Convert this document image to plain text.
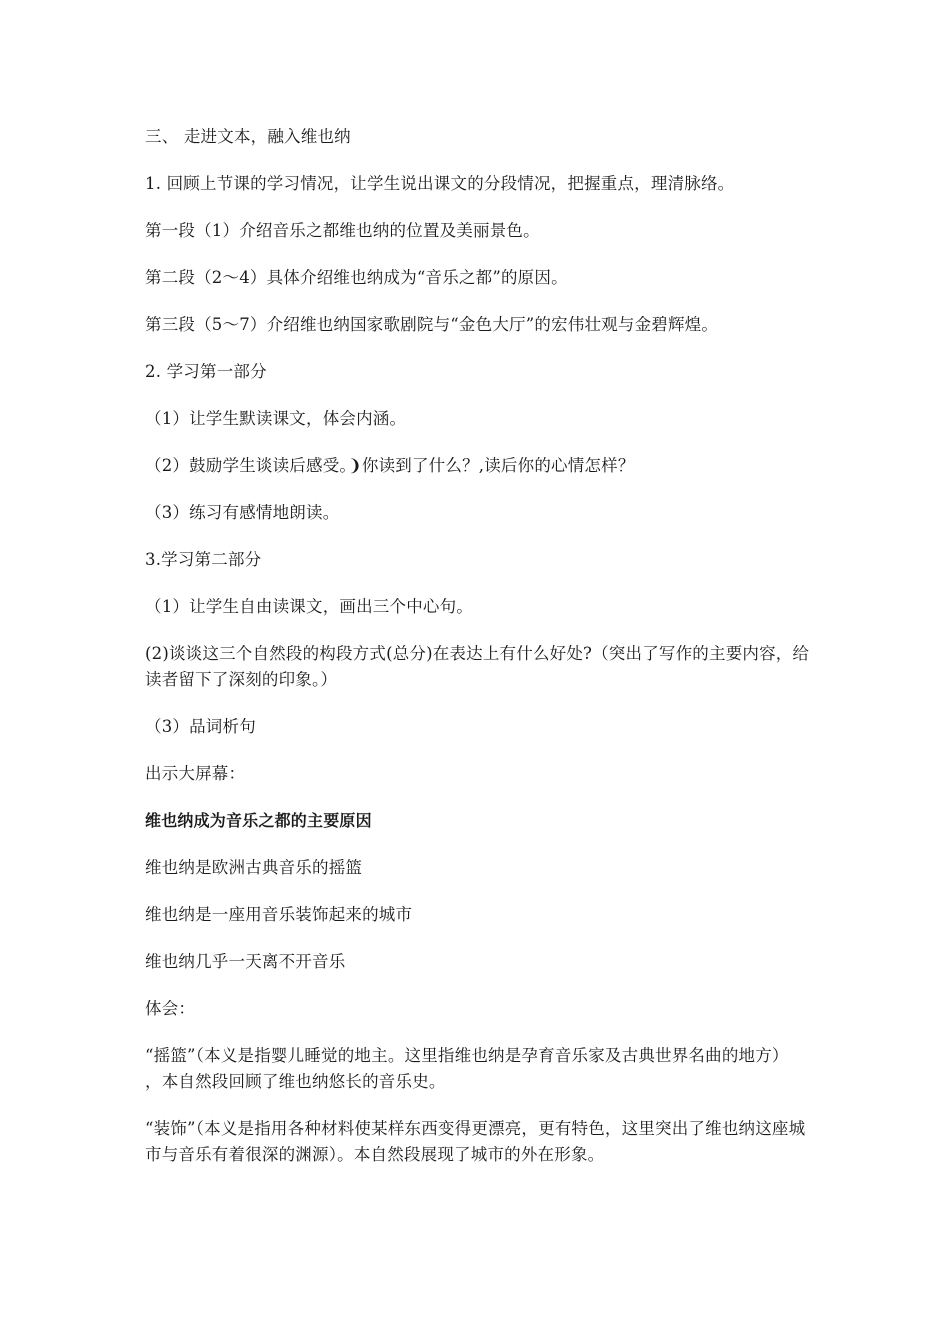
三、 走进文本，融入维也纳

1. 回顾上节课的学习情况，让学生说出课文的分段情况，把握重点，理清脉络。

第一段（1）介绍音乐之都维也纳的位置及美丽景色。

第二段（2～4）具体介绍维也纳成为“音乐之都”的原因。

第三段（5～7）介绍维也纳国家歌剧院与“金色大厅”的宏伟壮观与金碧辉煌。

2. 学习第一部分

（1）让学生默读课文，体会内涵。

（2）鼓励学生谈读后感受。❩你读到了什么？,读后你的心情怎样？

（3）练习有感情地朗读。

3.学习第二部分

（1）让学生自由读课文，画出三个中心句。

(2)谈谈这三个自然段的构段方式(总分)在表达上有什么好处?（突出了写作的主要内容，给读者留下了深刻的印象。）

（3）品词析句

出示大屏幕：

维也纳成为音乐之都的主要原因

维也纳是欧洲古典音乐的摇篮

维也纳是一座用音乐装饰起来的城市

维也纳几乎一天离不开音乐

体会：

“摇篮”（本义是指婴儿睡觉的地主。这里指维也纳是孕育音乐家及古典世界名曲的地方） ，本自然段回顾了维也纳悠长的音乐史。

“装饰”（本义是指用各种材料使某样东西变得更漂亮，更有特色，这里突出了维也纳这座城市与音乐有着很深的渊源）。本自然段展现了城市的外在形象。
